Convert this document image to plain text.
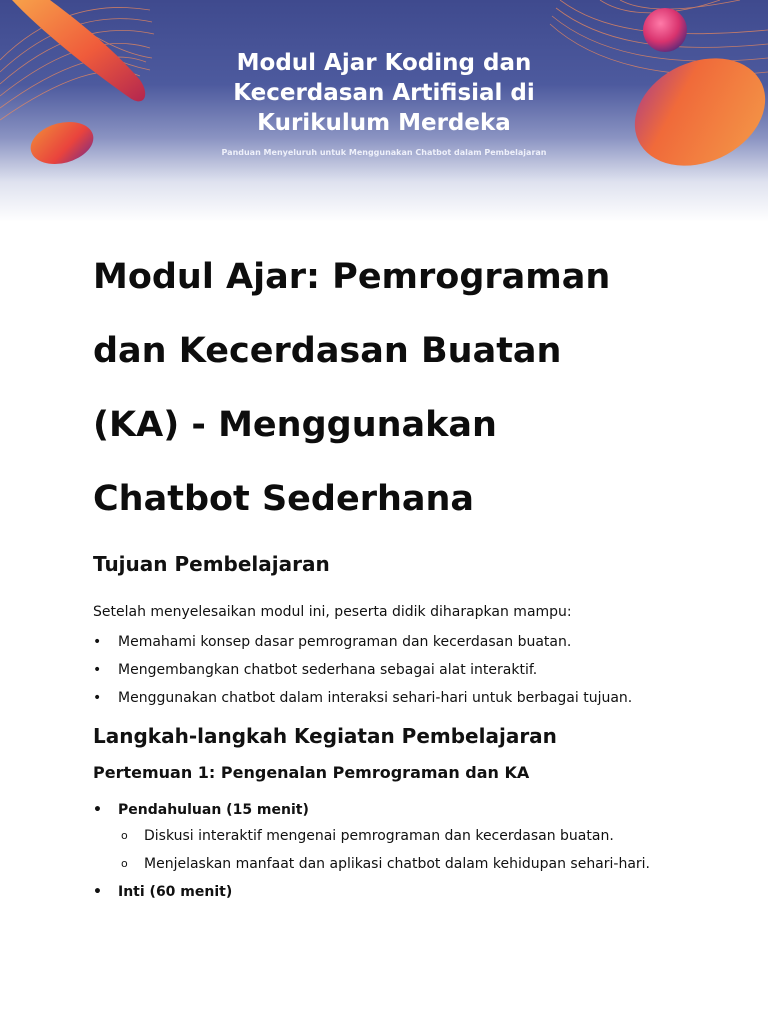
Modul Ajar Koding dan
Kecerdasan Artifisial di
Kurikulum Merdeka

Panduan Menyeluruh untuk Menggunakan Chatbot dalam Pembelajaran

Modul Ajar: Pemrograman
dan Kecerdasan Buatan
(KA) - Menggunakan
Chatbot Sederhana
Tujuan Pembelajaran

Setelah menyelesaikan modul ini, peserta didik diharapkan mampu:

• Memahami konsep dasar pemrograman dan kecerdasan buatan.
• Mengembangkan chatbot sederhana sebagai alat interaktif.
• Menggunakan chatbot dalam interaksi sehari-hari untuk berbagai tujuan.
Langkah-langkah Kegiatan Pembelajaran
Pertemuan 1: Pengenalan Pemrograman dan KA
• Pendahuluan (15 menit)
o Diskusi interaktif mengenai pemrograman dan kecerdasan buatan.
o Menjelaskan manfaat dan aplikasi chatbot dalam kehidupan sehari-hari.
• Inti (60 menit)
